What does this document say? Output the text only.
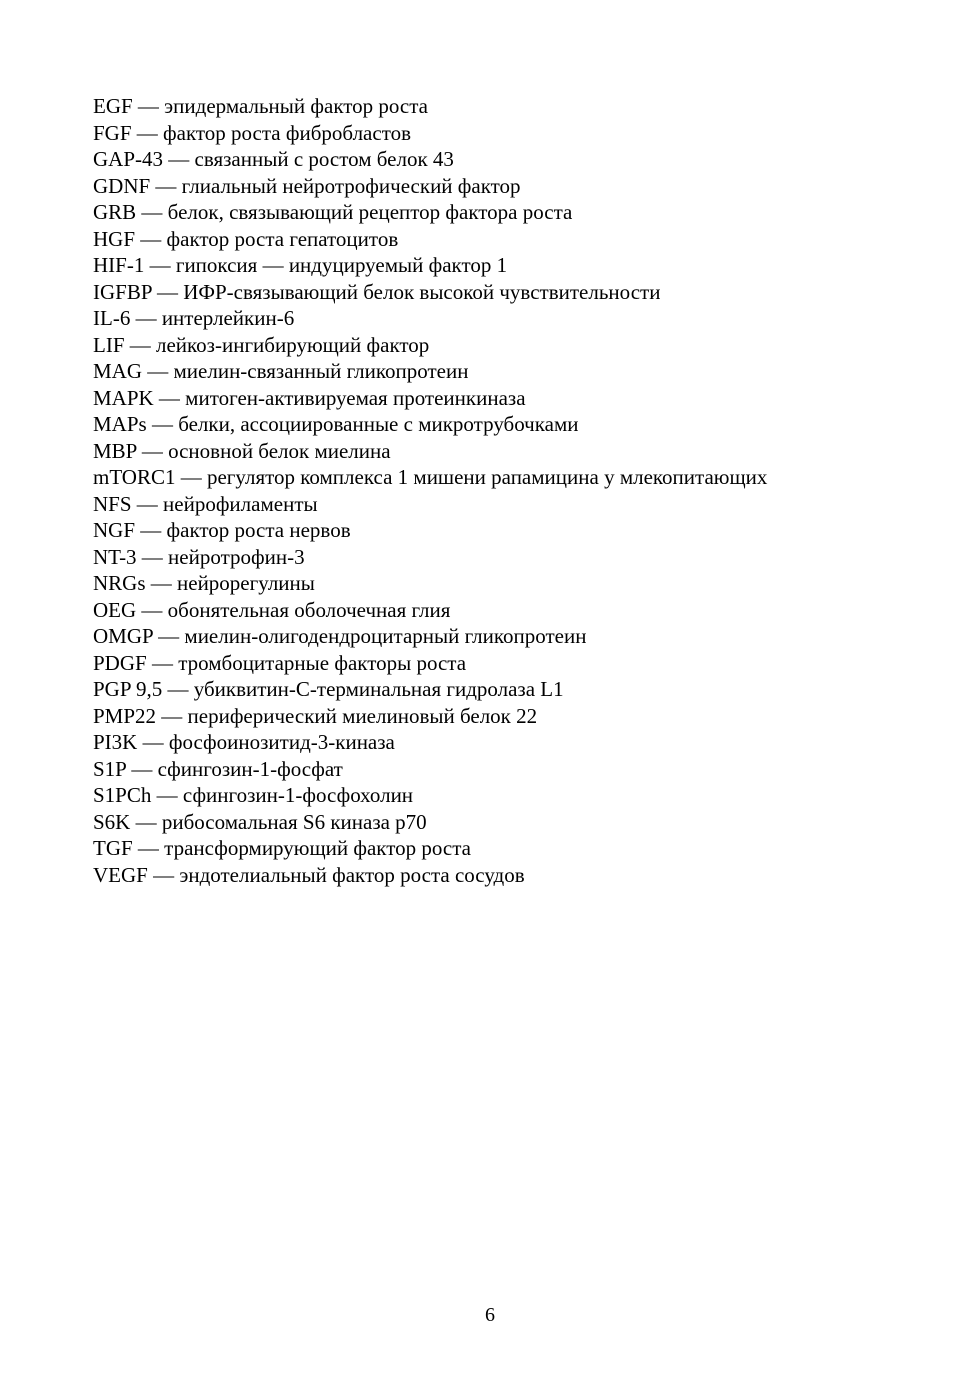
EGF — эпидермальный фактор роста
FGF — фактор роста фибробластов
GAP-43 — связанный с ростом белок 43
GDNF — глиальный нейротрофический фактор
GRB — белок, связывающий рецептор фактора роста
HGF — фактор роста гепатоцитов
HIF-1 — гипоксия — индуцируемый фактор 1
IGFBP — ИФР-связывающий белок высокой чувствительности
IL-6 — интерлейкин-6
LIF — лейкоз-ингибирующий фактор
MAG — миелин-связанный гликопротеин
MAPK — митоген-активируемая протеинкиназа
MAPs — белки, ассоциированные с микротрубочками
MBP — основной белок миелина
mTORC1 — регулятор комплекса 1 мишени рапамицина у млекопитающих
NFS — нейрофиламенты
NGF — фактор роста нервов
NT-3 — нейротрофин-3
NRGs — нейрорегулины
OEG — обонятельная оболочечная глия
OMGP — миелин-олигодендроцитарный гликопротеин
PDGF — тромбоцитарные факторы роста
PGP 9,5 — убиквитин-С-терминальная гидролаза L1
PMP22 — периферический миелиновый белок 22
PI3K — фосфоинозитид-3-киназа
S1P — сфингозин-1-фосфат
S1PCh — сфингозин-1-фосфохолин
S6K — рибосомальная S6 киназа p70
TGF — трансформирующий фактор роста
VEGF — эндотелиальный фактор роста сосудов
6
